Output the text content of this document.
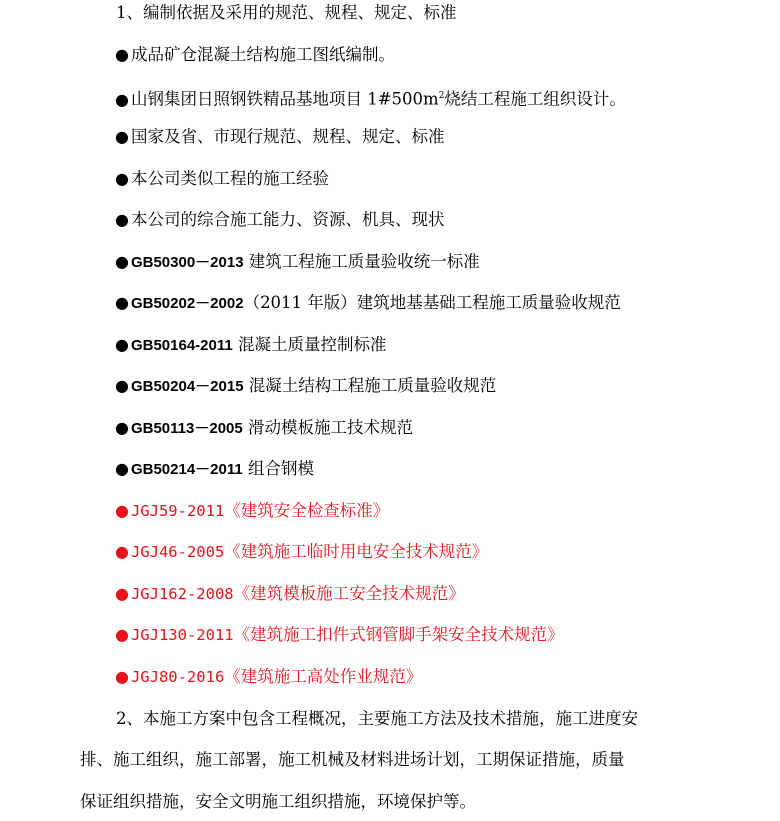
1、编制依据及采用的规范、规程、规定、标准
● 成品矿仓混凝土结构施工图纸编制。
● 山钢集团日照钢铁精品基地项目 $1\#500m^2$烧结工程施工组织设计。
● 国家及省、市现行规范、规程、规定、标准
● 本公司类似工程的施工经验
● 本公司的综合施工能力、资源、机具、现状
● GB50300－2013 建筑工程施工质量验收统一标准
● GB50202－2002（2011 年版）建筑地基基础工程施工质量验收规范
● GB50164-2011 混凝土质量控制标准
● GB50204－2015 混凝土结构工程施工质量验收规范
● GB50113－2005 滑动模板施工技术规范
● GB50214－2011 组合钢模
● JGJ59-2011《建筑安全检查标准》
● JGJ46-2005《建筑施工临时用电安全技术规范》
● JGJ162-2008《建筑模板施工安全技术规范》
● JGJ130-2011《建筑施工扣件式钢管脚手架安全技术规范》
● JGJ80-2016《建筑施工高处作业规范》
2、本施工方案中包含工程概况，主要施工方法及技术措施，施工进度安
排、施工组织，施工部署，施工机械及材料进场计划，工期保证措施，质量
保证组织措施，安全文明施工组织措施，环境保护等。
